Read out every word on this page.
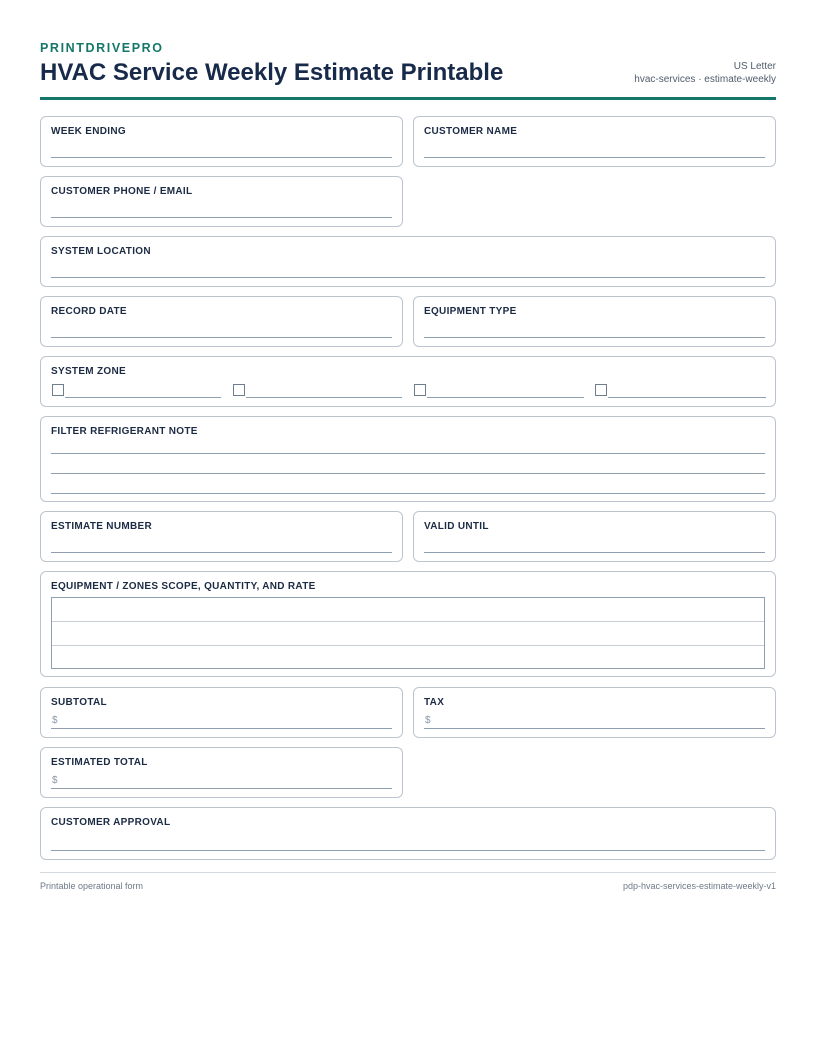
PRINTDRIVEPRO
HVAC Service Weekly Estimate Printable	US Letter
hvac-services · estimate-weekly
WEEK ENDING	CUSTOMER NAME
CUSTOMER PHONE / EMAIL
SYSTEM LOCATION
RECORD DATE	EQUIPMENT TYPE
SYSTEM ZONE
FILTER REFRIGERANT NOTE
ESTIMATE NUMBER	VALID UNTIL
EQUIPMENT / ZONES SCOPE, QUANTITY, AND RATE
SUBTOTAL
$
TAX
$
ESTIMATED TOTAL
$
CUSTOMER APPROVAL
Printable operational form	pdp-hvac-services-estimate-weekly-v1
